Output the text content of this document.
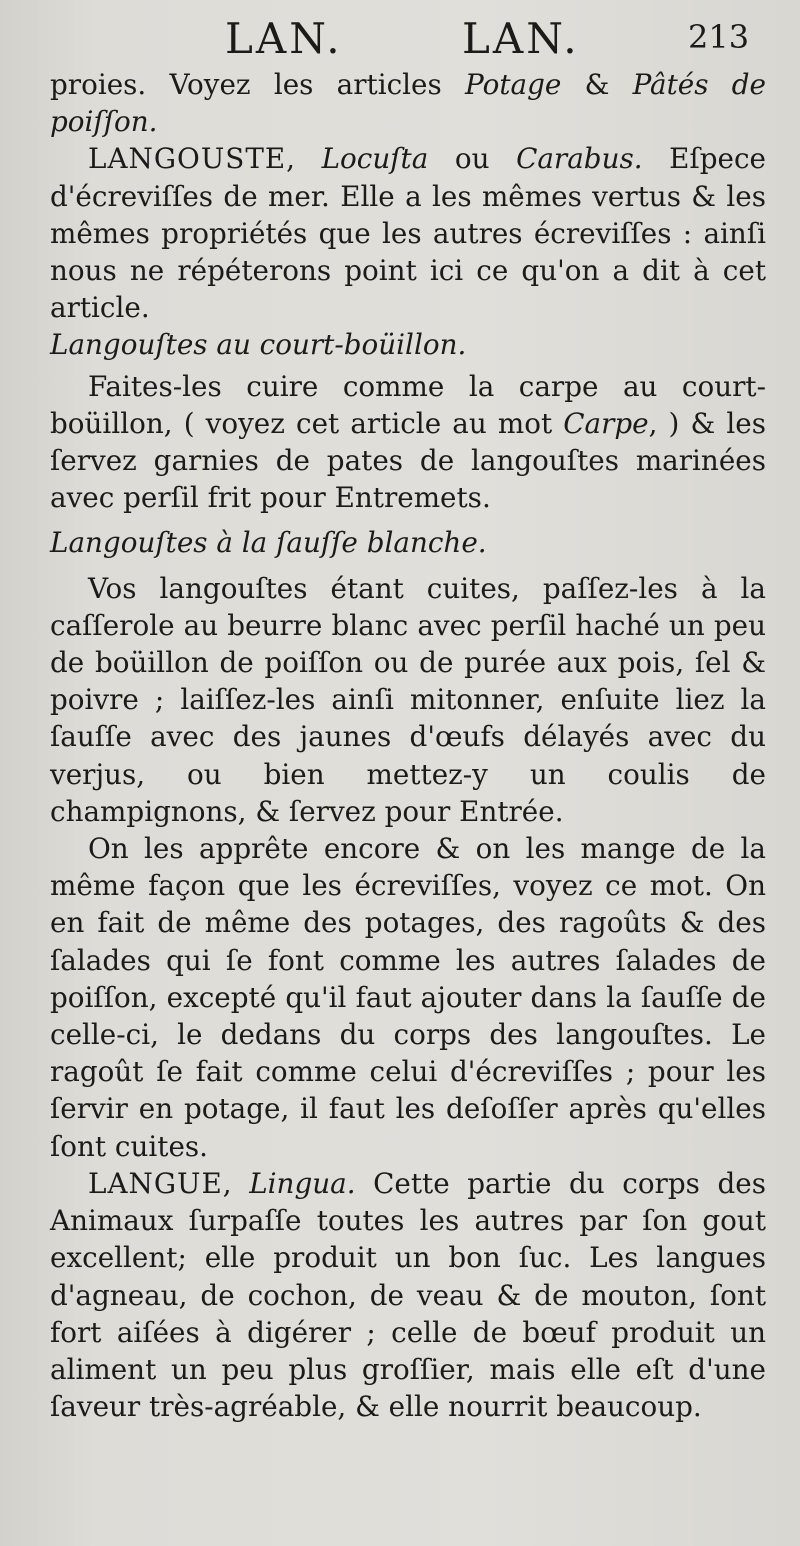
LAN.	LAN.	213

proies. Voyez les articles Potage & Pâtés de poiſſon.

LANGOUSTE, Locuſta ou Carabus. Eſpece d'écreviſſes de mer. Elle a les mêmes vertus & les mêmes propriétés que les autres écreviſſes : ainſi nous ne répéterons point ici ce qu'on a dit à cet article.

Langouſtes au court-boüillon.

Faites-les cuire comme la carpe au court-boüillon, ( voyez cet article au mot Carpe, ) & les ſervez garnies de pates de langouſtes marinées avec perſil frit pour Entremets.

Langouſtes à la ſauſſe blanche.

Vos langouſtes étant cuites, paſſez-les à la caſſerole au beurre blanc avec perſil haché un peu de boüillon de poiſſon ou de purée aux pois, ſel & poivre ; laiſſez-les ainſi mitonner, enſuite liez la ſauſſe avec des jaunes d'œufs délayés avec du verjus, ou bien mettez-y un coulis de champignons, & ſervez pour Entrée.

On les apprête encore & on les mange de la même façon que les écreviſſes, voyez ce mot. On en fait de même des potages, des ragoûts & des ſalades qui ſe font comme les autres ſalades de poiſſon, excepté qu'il faut ajouter dans la ſauſſe de celle-ci, le dedans du corps des langouſtes. Le ragoût ſe fait comme celui d'écreviſſes ; pour les ſervir en potage, il faut les deſoſſer après qu'elles ſont cuites.

LANGUE, Lingua. Cette partie du corps des Animaux ſurpaſſe toutes les autres par ſon gout excellent; elle produit un bon ſuc. Les langues d'agneau, de cochon, de veau & de mouton, ſont fort aiſées à digérer ; celle de bœuf produit un aliment un peu plus groſſier, mais elle eſt d'une ſaveur très-agréable, & elle nourrit beaucoup.
